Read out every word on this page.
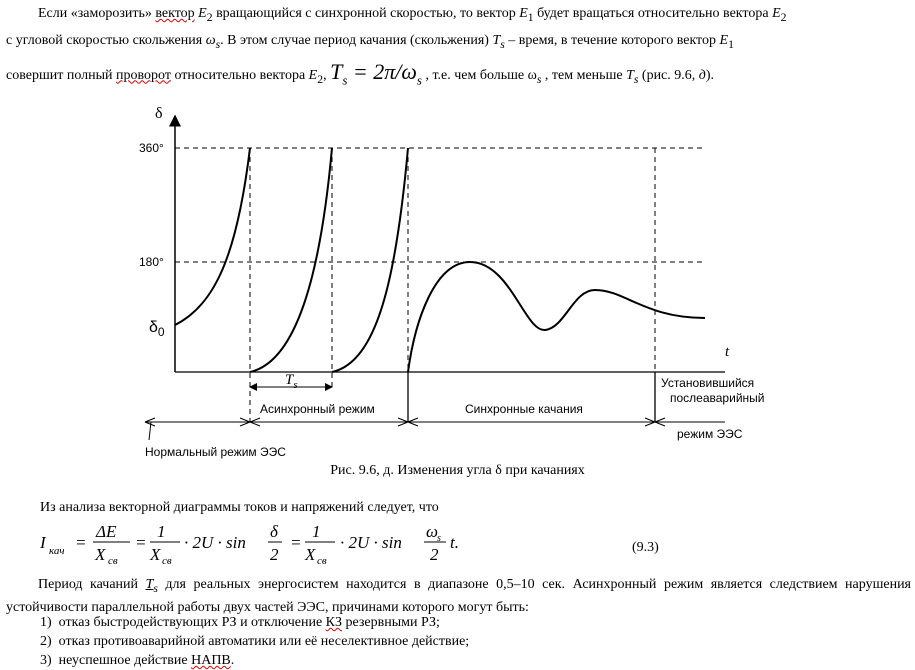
Если «заморозить» вектор $E_2$ вращающийся с синхронной скоростью, то вектор $E_1$ будет вращаться относительно вектора $E_2$
с угловой скоростью скольжения $\omega_s$. В этом случае период качания (скольжения) $T_s$ – время, в течение которого вектор $E_1$
совершит полный проворот относительно вектора $E_2$, $T_s = 2\pi/\omega_s$ , т.е. чем больше $\omega_s$ , тем меньше $T_s$ (рис. 9.6, д).
δ
t
360°
180°
$\delta_0$
$T_s$
Асинхронный режим	Синхронные качания
Установившийся
послеаварийный
режим ЭЭС
Нормальный режим ЭЭС
Рис. 9.6, д. Изменения угла δ при качаниях
Из анализа векторной диаграммы токов и напряжений следует, что
I кач =
ΔE
X св
=
1
X св
· 2U · sin
δ
2
=
1
X св
· 2U · sin
ω
s
2
t.	(9.3)
Период качаний $T_s$ для реальных энергосистем находится в диапазоне 0,5–10 сек. Асинхронный режим является следствием нарушения устойчивости параллельной работы двух частей ЭЭС, причинами которого могут быть:
1) отказ быстродействующих РЗ и отключение КЗ резервными РЗ;
2) отказ противоаварийной автоматики или её неселективное действие;
3) неуспешное действие НАПВ.
